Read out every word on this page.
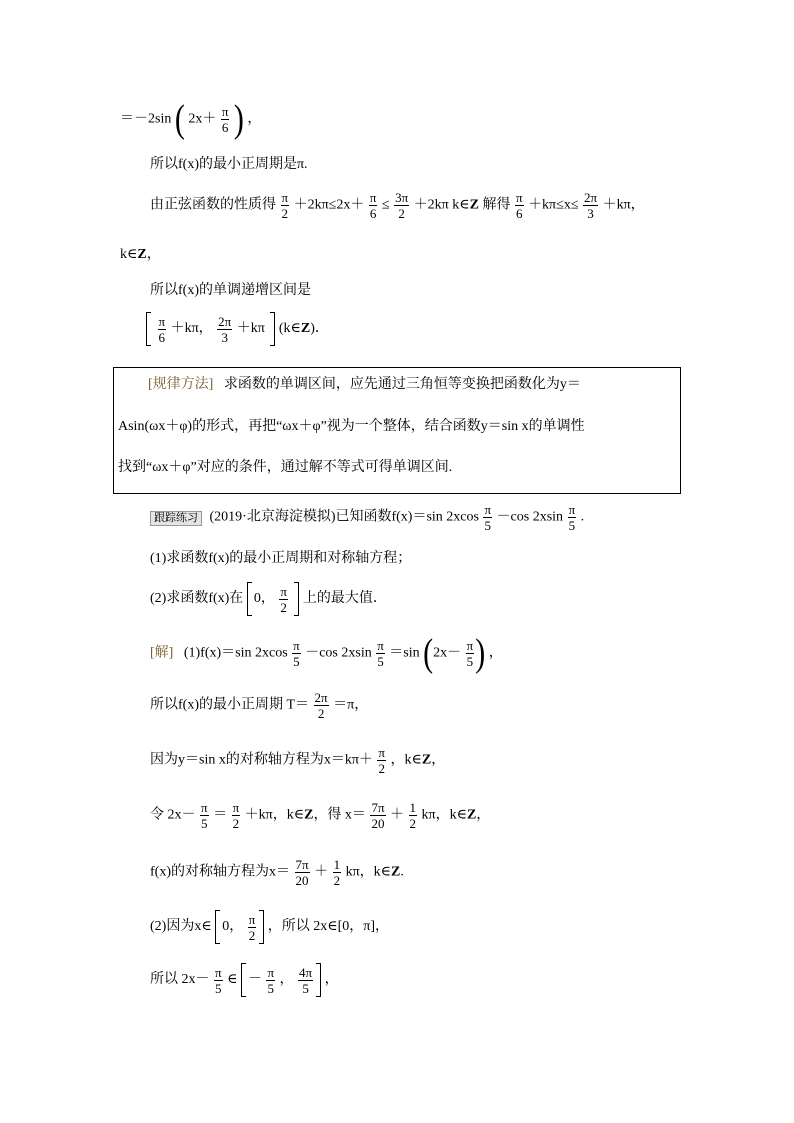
＝－2sin ( $2x+ \frac{\pi}{6}$ ) ，
所以f(x)的最小正周期是π.
由正弦函数的性质得 $\frac{\pi}{2} +2k\pi\le 2x+ \frac{\pi}{6} \le \frac{3\pi}{2} +2k\pi$ k∈Z 解得 $\frac{\pi}{6} +k\pi\le x\le \frac{2\pi}{3} +k\pi$，
k∈Z，
所以f(x)的单调递增区间是

$\frac{\pi}{6} +k\pi$， $\frac{2\pi}{3} +k\pi$ (k∈Z)．
[规律方法] 求函数的单调区间，应先通过三角恒等变换把函数化为y＝
Asin(ωx＋φ)的形式，再把“ωx＋φ”视为一个整体，结合函数y＝sin x的单调性
找到“ωx＋φ”对应的条件，通过解不等式可得单调区间.
跟踪练习 (2019·北京海淀模拟)已知函数f(x)＝sin $2xcos \frac{\pi}{5} -\cos$ $2xsin \frac{\pi}{5}$ .
(1)求函数f(x)的最小正周期和对称轴方程；
(2)求函数f(x)在 0， $\frac{\pi}{2}$ 上的最大值．
[解] (1)f(x)＝sin $2xcos \frac{\pi}{5} -\cos$ $2xsin \frac{\pi}{5} =\sin$ ($2x- \frac{\pi}{5}$ ) ，
所以f(x)的最小正周期 $T= \frac{2\pi}{2} =\pi$，
因为y＝sin x的对称轴方程为$x=k\pi+ \frac{\pi}{2}$ ，k∈Z，
令 $2x- \frac{\pi}{5} = \frac{\pi}{2} +k\pi$，k∈Z，得 $x= \frac{7\pi}{20} + \frac{1}{2}$ kπ，k∈Z，
f(x)的对称轴方程为$x= \frac{7\pi}{20} + \frac{1}{2}$ kπ，k∈Z.
(2)因为x∈ 0， $\frac{\pi}{2}$ ，所以 2x∈[0，π]，
所以 $2x- \frac{\pi}{5}$ ∈ － $\frac{\pi}{5}$ ， $\frac{4\pi}{5}$ ，
